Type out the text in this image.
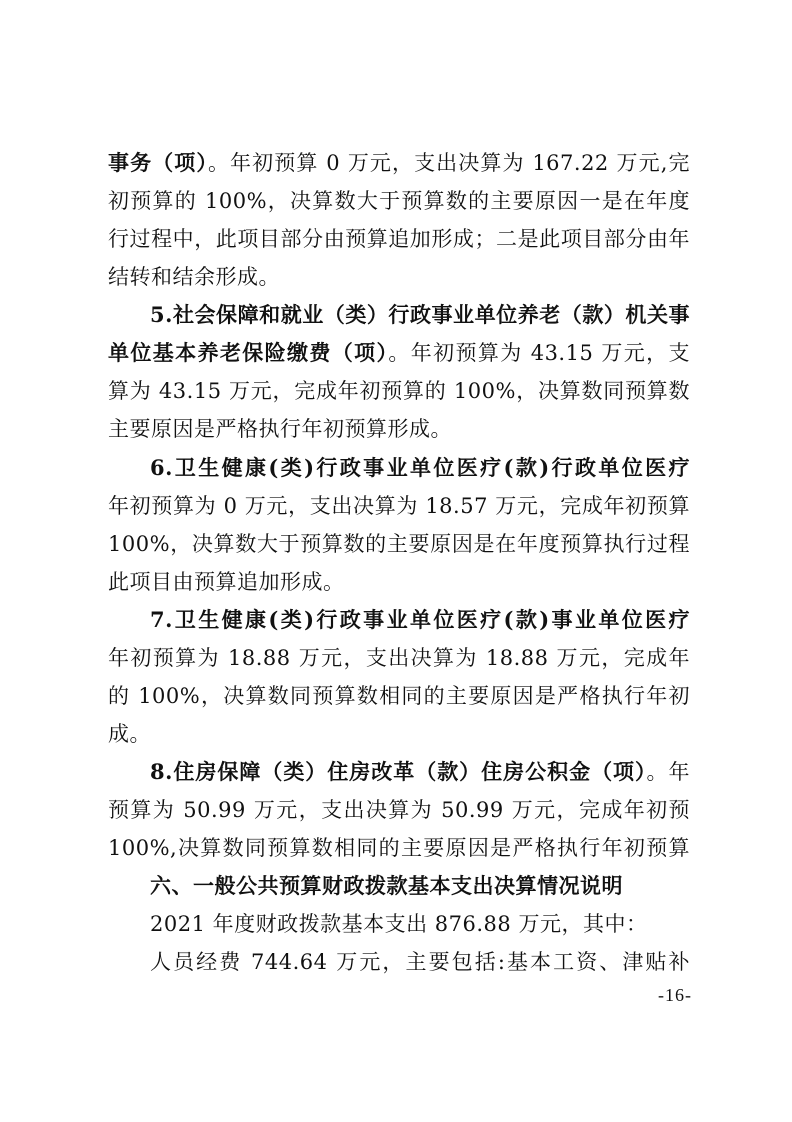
事务（项）。年初预算 0 万元，支出决算为 167.22 万元,完
初预算的 100%，决算数大于预算数的主要原因一是在年度
行过程中，此项目部分由预算追加形成；二是此项目部分由年
结转和结余形成。
5.社会保障和就业（类）行政事业单位养老（款）机关事
单位基本养老保险缴费（项）。年初预算为 43.15 万元，支
算为 43.15 万元，完成年初预算的 100%，决算数同预算数
主要原因是严格执行年初预算形成。
6.卫生健康(类)行政事业单位医疗(款)行政单位医疗
年初预算为 0 万元，支出决算为 18.57 万元，完成年初预算
100%，决算数大于预算数的主要原因是在年度预算执行过程
此项目由预算追加形成。
7.卫生健康(类)行政事业单位医疗(款)事业单位医疗
年初预算为 18.88 万元，支出决算为 18.88 万元，完成年
的 100%，决算数同预算数相同的主要原因是严格执行年初
成。
8.住房保障（类）住房改革（款）住房公积金（项）。年
预算为 50.99 万元，支出决算为 50.99 万元，完成年初预
100%,决算数同预算数相同的主要原因是严格执行年初预算
六、一般公共预算财政拨款基本支出决算情况说明
2021 年度财政拨款基本支出 876.88 万元，其中：
人员经费 744.64 万元，主要包括:基本工资、津贴补
-16-
